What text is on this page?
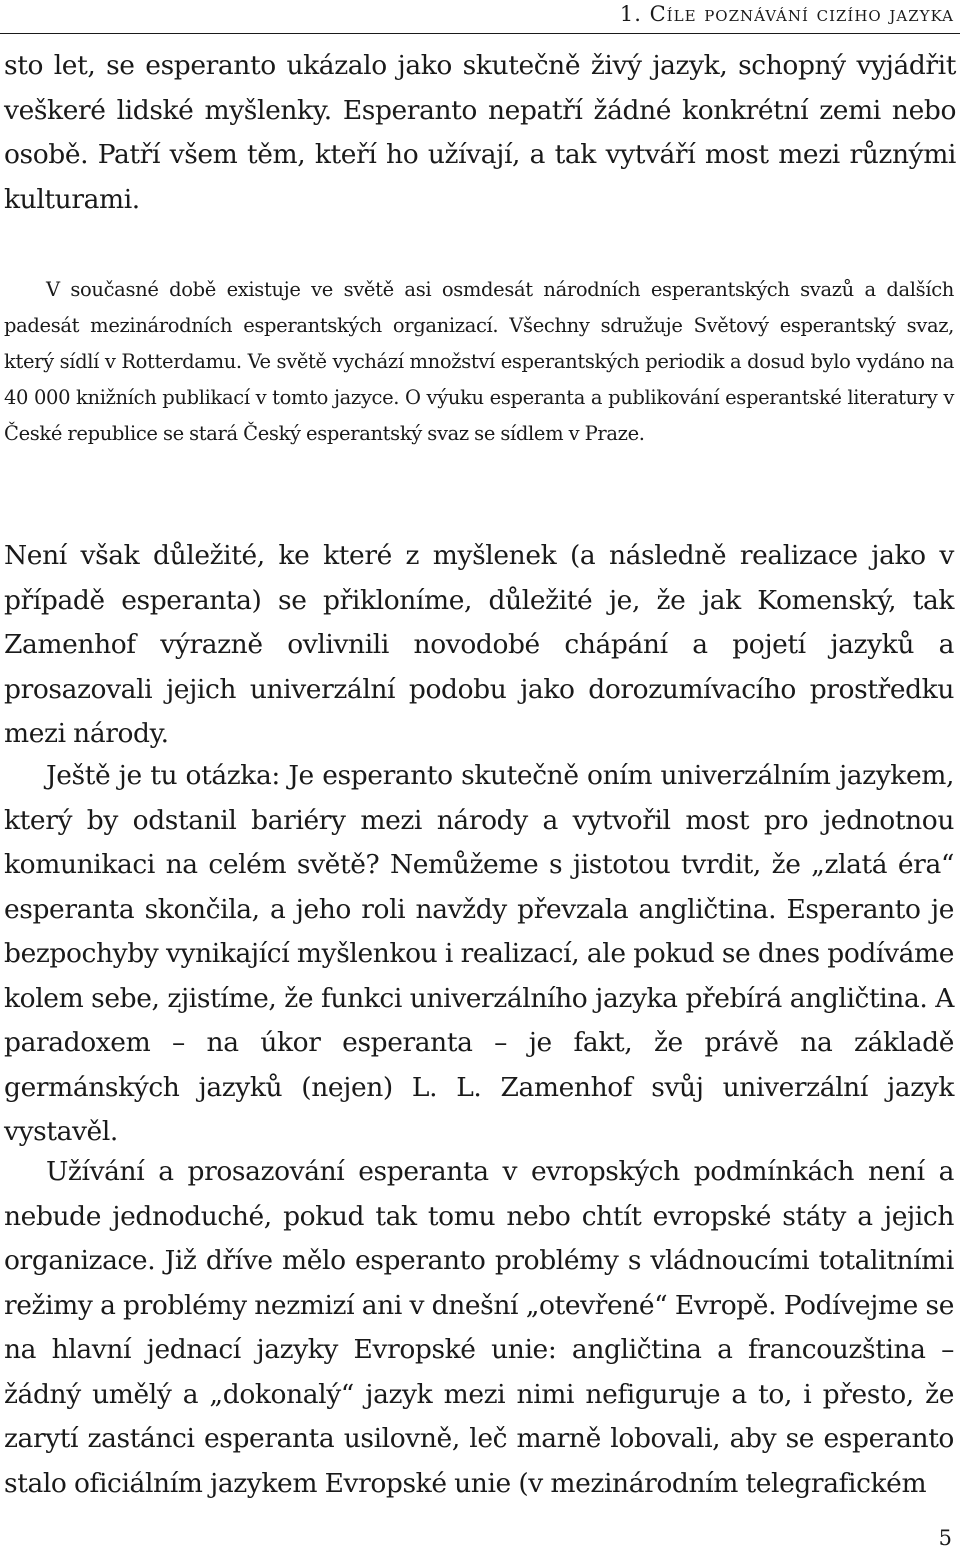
1. Cíle poznávání cizího jazyka

sto let, se esperanto ukázalo jako skutečně živý jazyk, schopný vyjádřit veškeré lidské myšlenky. Esperanto nepatří žádné konkrétní zemi nebo osobě. Patří všem těm, kteří ho užívají, a tak vytváří most mezi různými kulturami.

V současné době existuje ve světě asi osmdesát národních esperantských svazů a dalších padesát mezinárodních esperantských organizací. Všechny sdružuje Světový esperantský svaz, který sídlí v Rotterdamu. Ve světě vychází množství esperantských periodik a dosud bylo vydáno na 40 000 knižních publikací v tomto jazyce. O výuku esperanta a publikování esperantské literatury v České republice se stará Český esperantský svaz se sídlem v Praze.

Není však důležité, ke které z myšlenek (a následně realizace jako v případě esperanta) se přikloníme, důležité je, že jak Komenský, tak Zamenhof výrazně ovlivnili novodobé chápání a pojetí jazyků a prosazovali jejich univerzální podobu jako dorozumívacího prostředku mezi národy.

Ještě je tu otázka: Je esperanto skutečně oním univerzálním jazykem, který by odstanil bariéry mezi národy a vytvořil most pro jednotnou komunikaci na celém světě? Nemůžeme s jistotou tvrdit, že „zlatá éra“ esperanta skončila, a jeho roli navždy převzala angličtina. Esperanto je bezpochyby vynikající myšlenkou i realizací, ale pokud se dnes podíváme kolem sebe, zjistíme, že funkci univerzálního jazyka přebírá angličtina. A paradoxem – na úkor esperanta – je fakt, že právě na základě germánských jazyků (nejen) L. L. Zamenhof svůj univerzální jazyk vystavěl.

Užívání a prosazování esperanta v evropských podmínkách není a nebude jednoduché, pokud tak tomu nebo chtít evropské státy a jejich organizace. Již dříve mělo esperanto problémy s vládnoucími totalitními režimy a problémy nezmizí ani v dnešní „otevřené“ Evropě. Podívejme se na hlavní jednací jazyky Evropské unie: angličtina a francouzština – žádný umělý a „dokonalý“ jazyk mezi nimi nefiguruje a to, i přesto, že zarytí zastánci esperanta usilovně, leč marně lobovali, aby se esperanto stalo oficiálním jazykem Evropské unie (v mezinárodním telegrafickém

5
